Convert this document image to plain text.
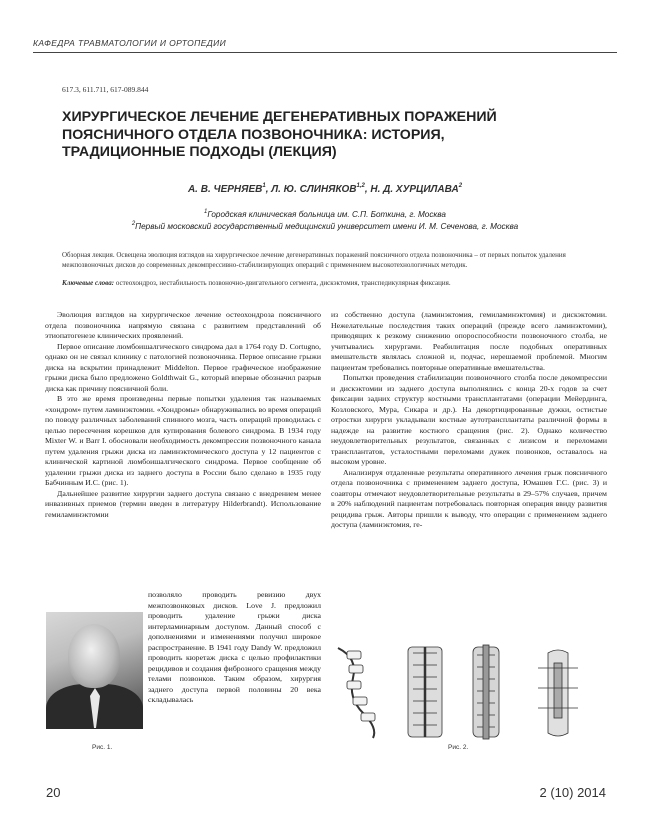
КАФЕДРА ТРАВМАТОЛОГИИ И ОРТОПЕДИИ
617.3, 611.711, 617-089.844
ХИРУРГИЧЕСКОЕ ЛЕЧЕНИЕ ДЕГЕНЕРАТИВНЫХ ПОРАЖЕНИЙ
ПОЯСНИЧНОГО ОТДЕЛА ПОЗВОНОЧНИКА: ИСТОРИЯ,
ТРАДИЦИОННЫЕ ПОДХОДЫ (ЛЕКЦИЯ)
А. В. ЧЕРНЯЕВ$^1$, Л. Ю. СЛИНЯКОВ$^{1,2}$, Н. Д. ХУРЦИЛАВА$^2$
$^1$Городская клиническая больница им. С.П. Боткина, г. Москва
$^2$Первый московский государственный медицинский университет имени И. М. Сеченова, г. Москва

Обзорная лекция. Освещена эволюция взглядов на хирургическое лечение дегенеративных поражений поясничного отдела позвоночника – от первых попыток удаления межпозвоночных дисков до современных декомпрессивно-стабилизирующих операций с применением высокотехнологичных методик.

Ключевые слова: остеохондроз, нестабильность позвоночно-двигательного сегмента, дискэктомия, транспедикулярная фиксация.

Эволюция взглядов на хирургическое лечение остеохондроза поясничного отдела позвоночника напрямую связана с развитием представлений об этиопатогенезе клинических проявлений.

Первое описание люмбоишалгического синдрома дал в 1764 году D. Cortugno, однако он не связал клинику с патологией позвоночника. Первое описание грыжи диска на вскрытии принадлежит Middelton. Первое графическое изображение грыжи диска было предложено Goldthwait G., который впервые обозначил разрыв диска как причину поясничной боли.

В это же время произведены первые попытки удаления так называемых «хондром» путем ламинэктомии. «Хондромы» обнаруживались во время операций по поводу различных заболеваний спинного мозга, часть операций проводилась с целью пересечения корешков для купирования болевого синдрома. В 1934 году Mixter W. и Barr I. обосновали необходимость декомпрессии позвоночного канала путем удаления грыжи диска из ламинэктомического доступа у 12 пациентов с клинической картиной люмбоишалгического синдрома. Первое сообщение об удалении грыжи диска из заднего доступа в России было сделано в 1935 году Бабчинным И.С. (рис. 1).

Дальнейшее развитие хирургии заднего доступа связано с внедрением менее инвазивных приемов (термин введен в литературу Hilderbrandt). Использование гемиламинэктомии

позволяло проводить ревизию двух межпозвонковых дисков. Love J. предложил проводить удаление грыжи диска интерламинарным доступом. Данный способ с дополнениями и изменениями получил широкое распространение. В 1941 году Dandy W. предложил проводить кюретаж диска с целью профилактики рецидивов и создания фиброзного сращения между телами позвонков. Таким образом, хирургия заднего доступа первой половины 20 века складывалась

Рис. 1.

из собственно доступа (ламинэктомия, гемиламинэктомия) и дискэктомии. Нежелательные последствия таких операций (прежде всего ламинэктомии), приводящих к резкому снижению опороспособности позвоночного столба, не учитывались хирургами. Реабилитация после подобных оперативных вмешательств являлась сложной и, подчас, нерешаемой проблемой. Многим пациентам требовались повторные оперативные вмешательства.

Попытки проведения стабилизации позвоночного столба после декомпрессии и дискэктомии из заднего доступа выполнялись с конца 20-х годов за счет фиксации задних структур костными трансплантатами (операции Мейердинга, Козловского, Мура, Сикара и др.). На декортицированные дужки, остистые отростки хирурги укладывали костные аутотрансплантаты различной формы в надежде на развитие костного сращения (рис. 2). Однако количество неудовлетворительных результатов, связанных с лизисом и переломами трансплантатов, усталостными переломами дужек позвонков, оставалось на высоком уровне.

Анализируя отдаленные результаты оперативного лечения грыж поясничного отдела позвоночника с применением заднего доступа, Юмашев Г.С. (рис. 3) и соавторы отмечают неудовлетворительные результаты в 29–57% случаев, причем в 20% наблюдений пациентам потребовалась повторная операция ввиду развития рецидива грыж. Авторы пришли к выводу, что операции с применением заднего доступа (ламинэктомия, ге-

Рис. 2.
20	2 (10) 2014
